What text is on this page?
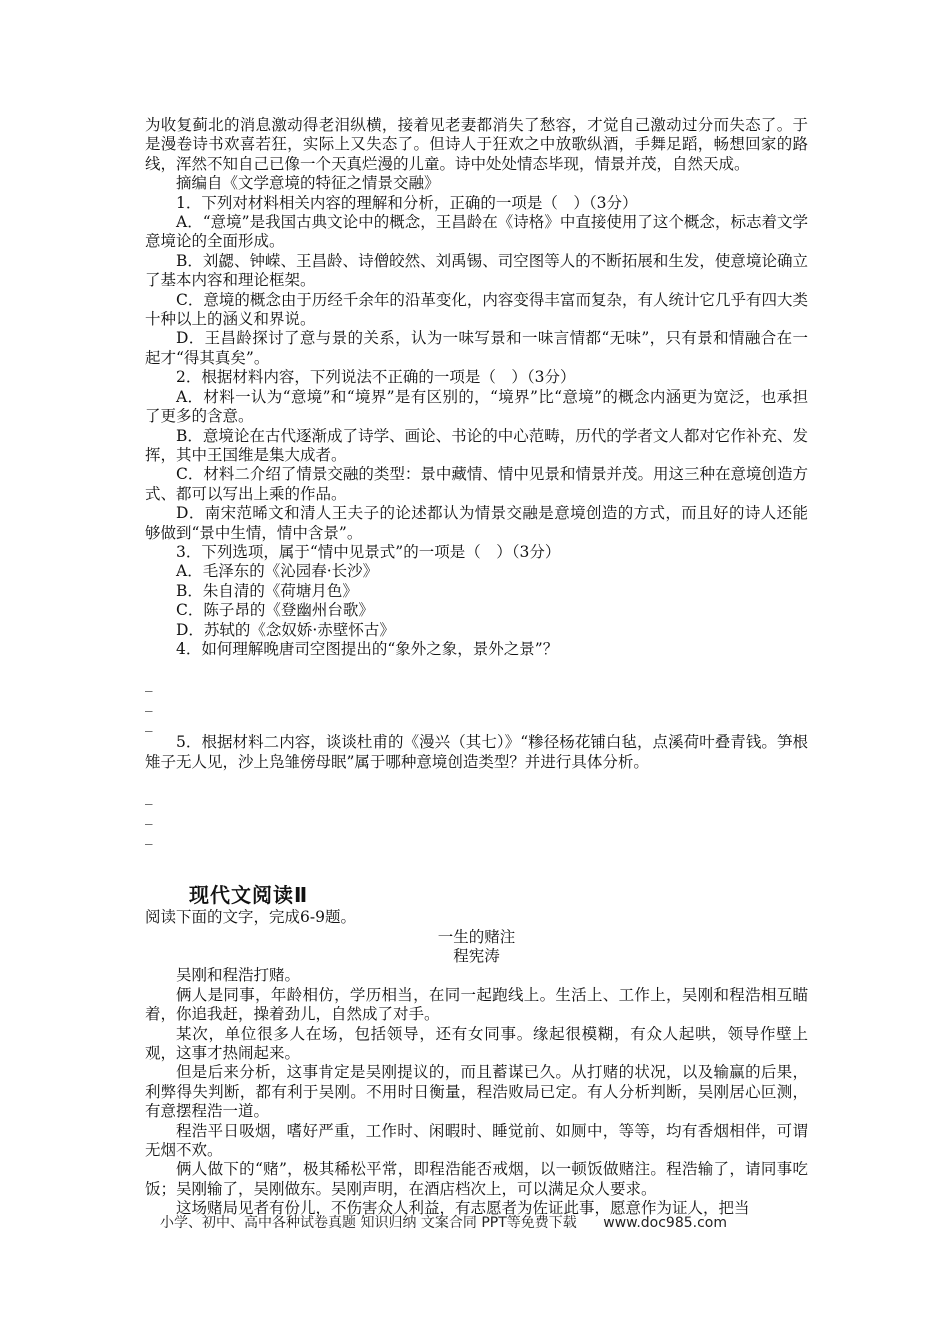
为收复蓟北的消息激动得老泪纵横，接着见老妻都消失了愁容，才觉自己激动过分而失态了。于是漫卷诗书欢喜若狂，实际上又失态了。但诗人于狂欢之中放歌纵酒，手舞足蹈，畅想回家的路线，浑然不知自己已像一个天真烂漫的儿童。诗中处处情态毕现，情景并茂，自然天成。

摘编自《文学意境的特征之情景交融》

1．下列对材料相关内容的理解和分析，正确的一项是（　）（3分）

A．“意境”是我国古典文论中的概念，王昌龄在《诗格》中直接使用了这个概念，标志着文学意境论的全面形成。

B．刘勰、钟嵘、王昌龄、诗僧皎然、刘禹锡、司空图等人的不断拓展和生发，使意境论确立了基本内容和理论框架。

C．意境的概念由于历经千余年的沿革变化，内容变得丰富而复杂，有人统计它几乎有四大类十种以上的涵义和界说。

D．王昌龄探讨了意与景的关系，认为一味写景和一味言情都“无味”，只有景和情融合在一起才“得其真矣”。

2．根据材料内容，下列说法不正确的一项是（　）（3分）

A．材料一认为“意境”和“境界”是有区别的，“境界”比“意境”的概念内涵更为宽泛，也承担了更多的含意。

B．意境论在古代逐渐成了诗学、画论、书论的中心范畴，历代的学者文人都对它作补充、发挥，其中王国维是集大成者。

C．材料二介绍了情景交融的类型：景中藏情、情中见景和情景并茂。用这三种在意境创造方式、都可以写出上乘的作品。

D．南宋范晞文和清人王夫子的论述都认为情景交融是意境创造的方式，而且好的诗人还能够做到“景中生情，情中含景”。

3．下列选项，属于“情中见景式”的一项是（　）（3分）

A．毛泽东的《沁园春·长沙》

B．朱自清的《荷塘月色》

C．陈子昂的《登幽州台歌》

D．苏轼的《念奴娇·赤壁怀古》

4．如何理解晚唐司空图提出的“象外之象，景外之景”？

_

_

_

5．根据材料二内容，谈谈杜甫的《漫兴（其七）》“糁径杨花铺白毡，点溪荷叶叠青钱。笋根雉子无人见，沙上凫雏傍母眠”属于哪种意境创造类型？并进行具体分析。

_

_

_

现代文阅读Ⅱ

阅读下面的文字，完成6-9题。

一生的赌注

程宪涛

吴刚和程浩打赌。

俩人是同事，年龄相仿，学历相当，在同一起跑线上。生活上、工作上，吴刚和程浩相互瞄着，你追我赶，操着劲儿，自然成了对手。

某次，单位很多人在场，包括领导，还有女同事。缘起很模糊，有众人起哄，领导作壁上观，这事才热闹起来。

但是后来分析，这事肯定是吴刚提议的，而且蓄谋已久。从打赌的状况，以及输赢的后果，利弊得失判断，都有利于吴刚。不用时日衡量，程浩败局已定。有人分析判断，吴刚居心叵测，有意摆程浩一道。

程浩平日吸烟，嗜好严重，工作时、闲暇时、睡觉前、如厕中，等等，均有香烟相伴，可谓无烟不欢。

俩人做下的“赌”，极其稀松平常，即程浩能否戒烟，以一顿饭做赌注。程浩输了，请同事吃饭；吴刚输了，吴刚做东。吴刚声明，在酒店档次上，可以满足众人要求。

这场赌局见者有份儿，不伤害众人利益，有志愿者为佐证此事，愿意作为证人，把当

小学、初中、高中各种试卷真题 知识归纳 文案合同 PPT等免费下载 www.doc985.com
